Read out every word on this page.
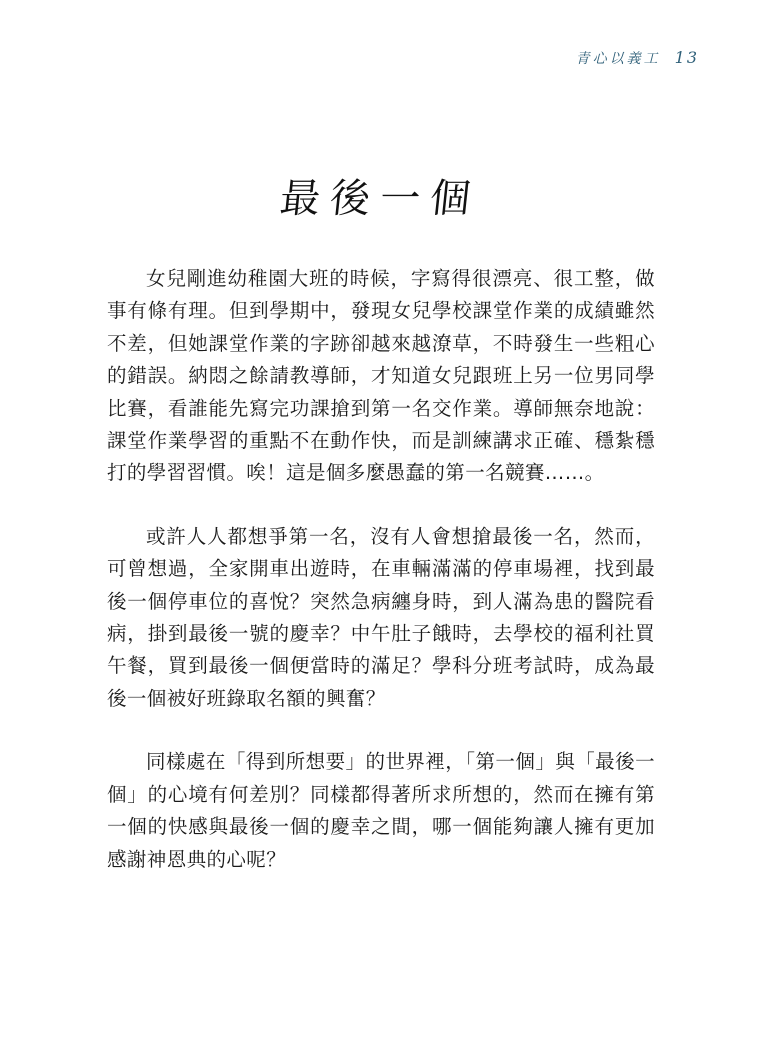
青心以義工 13
最後一個

女兒剛進幼稚園大班的時候，字寫得很漂亮、很工整，做事有條有理。但到學期中，發現女兒學校課堂作業的成績雖然不差，但她課堂作業的字跡卻越來越潦草，不時發生一些粗心的錯誤。納悶之餘請教導師，才知道女兒跟班上另一位男同學比賽，看誰能先寫完功課搶到第一名交作業。導師無奈地說：課堂作業學習的重點不在動作快，而是訓練講求正確、穩紮穩打的學習習慣。唉！這是個多麼愚蠢的第一名競賽……。

或許人人都想爭第一名，沒有人會想搶最後一名，然而，可曾想過，全家開車出遊時，在車輛滿滿的停車場裡，找到最後一個停車位的喜悅？突然急病纏身時，到人滿為患的醫院看病，掛到最後一號的慶幸？中午肚子餓時，去學校的福利社買午餐，買到最後一個便當時的滿足？學科分班考試時，成為最後一個被好班錄取名額的興奮？

同樣處在「得到所想要」的世界裡，「第一個」與「最後一個」的心境有何差別？同樣都得著所求所想的，然而在擁有第一個的快感與最後一個的慶幸之間，哪一個能夠讓人擁有更加感謝神恩典的心呢？
